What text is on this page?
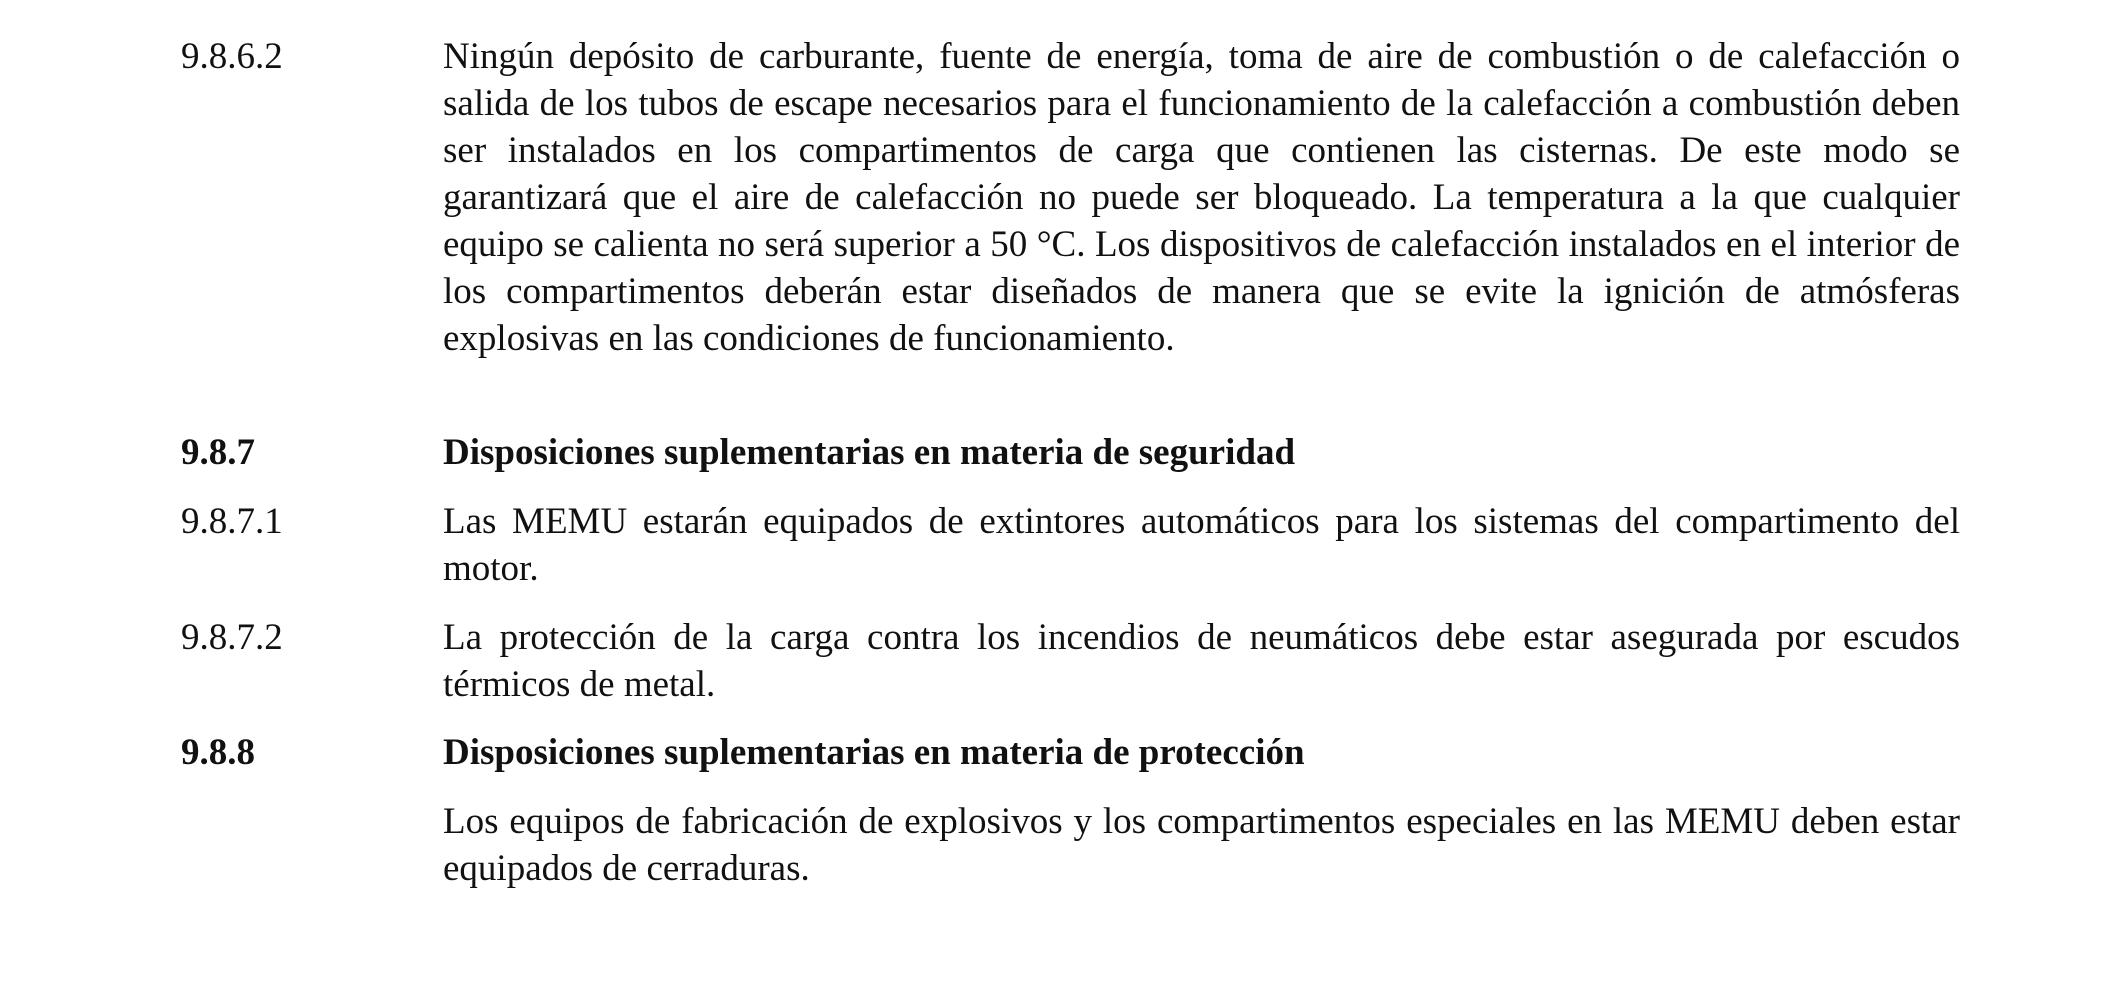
9.8.6.2	Ningún depósito de carburante, fuente de energía, toma de aire de combustión o de calefacción o salida de los tubos de escape necesarios para el funcionamiento de la calefacción a combustión deben ser instalados en los compartimentos de carga que contienen las cisternas. De este modo se garantizará que el aire de calefacción no puede ser bloqueado. La temperatura a la que cualquier equipo se calienta no será superior a 50 °C. Los dispositivos de calefacción instalados en el interior de los compartimentos deberán estar diseñados de manera que se evite la ignición de atmósferas explosivas en las condiciones de funcionamiento.
9.8.7	Disposiciones suplementarias en materia de seguridad
9.8.7.1	Las MEMU estarán equipados de extintores automáticos para los sistemas del compartimento del motor.
9.8.7.2	La protección de la carga contra los incendios de neumáticos debe estar asegurada por escudos térmicos de metal.
9.8.8	Disposiciones suplementarias en materia de protección
Los equipos de fabricación de explosivos y los compartimentos especiales en las MEMU deben estar equipados de cerraduras.
